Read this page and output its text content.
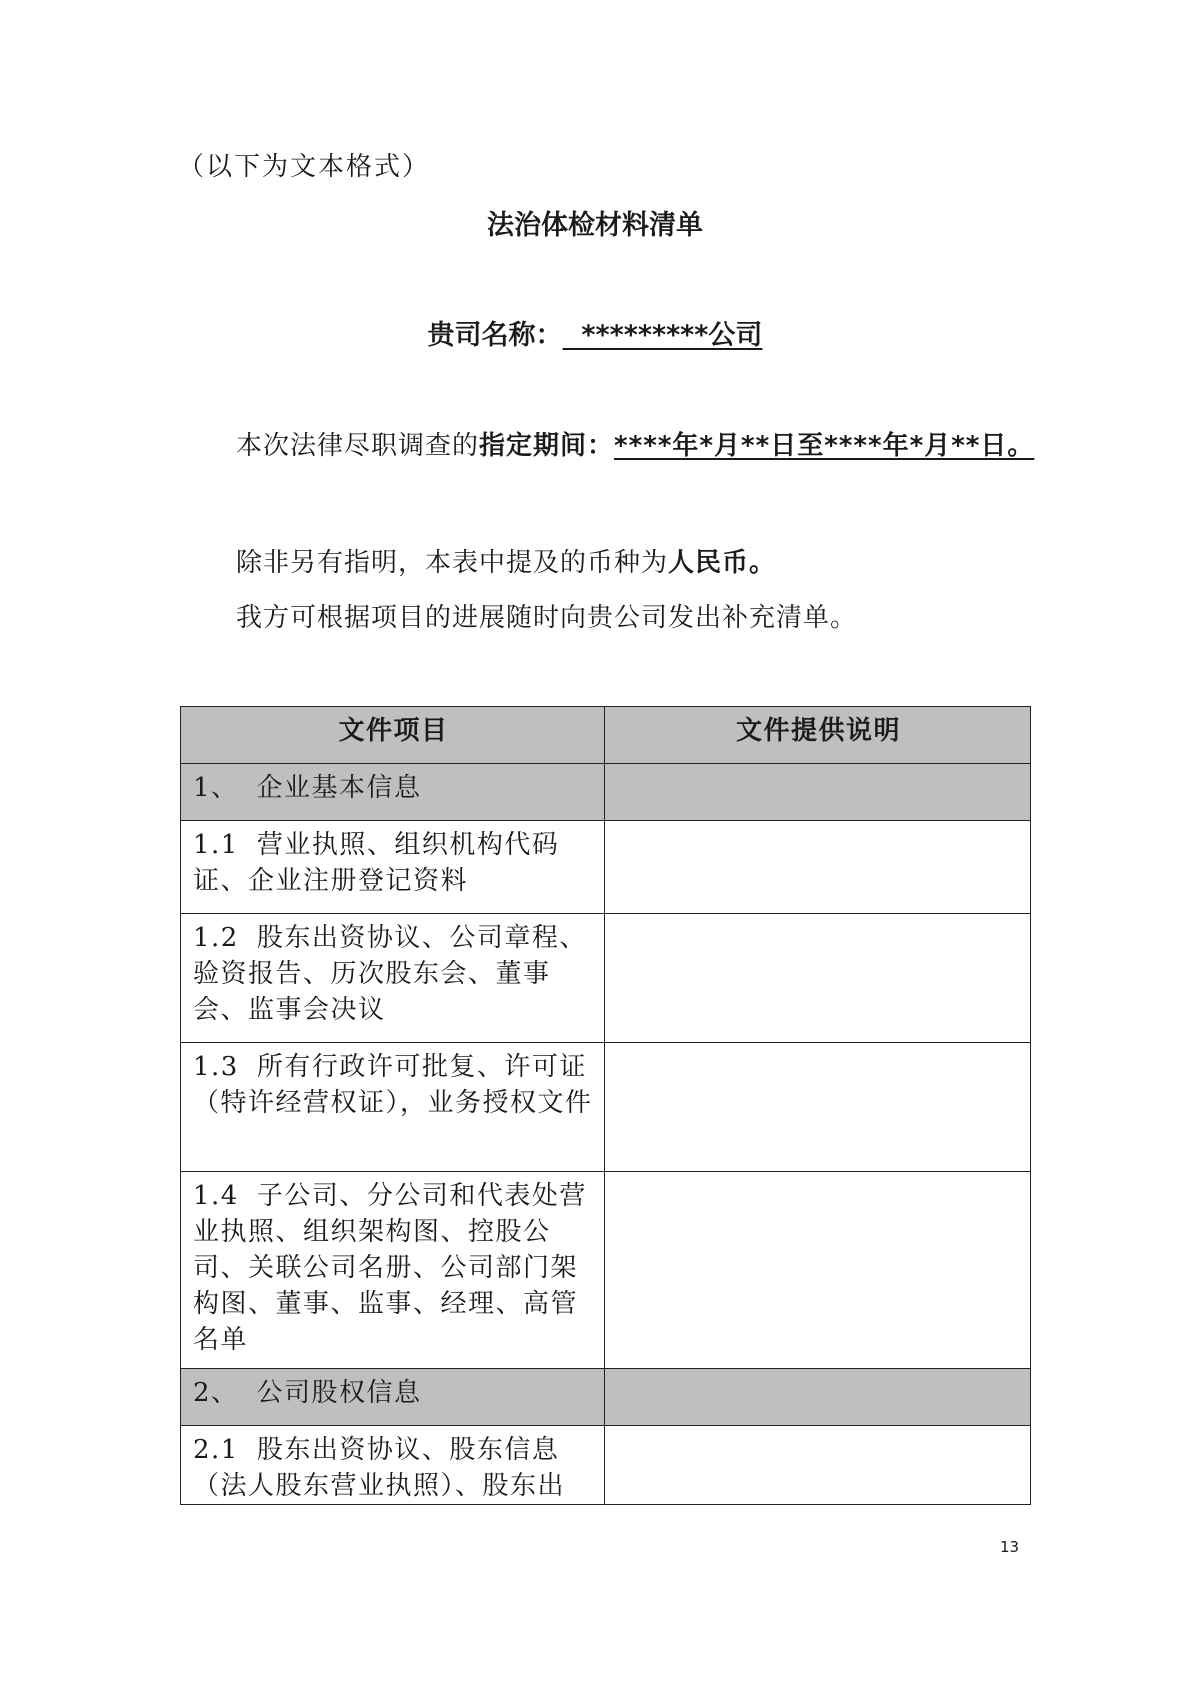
（以下为文本格式）
法治体检材料清单
贵司名称：  *********公司
本次法律尽职调查的指定期间：****年*月**日至****年*月**日。
除非另有指明，本表中提及的币种为人民币。
我方可根据项目的进展随时向贵公司发出补充清单。
文件项目	文件提供说明
1、 企业基本信息	
1.1 营业执照、组织机构代码证、企业注册登记资料	
1.2 股东出资协议、公司章程、验资报告、历次股东会、董事会、监事会决议	
1.3 所有行政许可批复、许可证（特许经营权证），业务授权文件	
1.4 子公司、分公司和代表处营业执照、组织架构图、控股公司、关联公司名册、公司部门架构图、董事、监事、经理、高管名单	
2、 公司股权信息	
2.1 股东出资协议、股东信息（法人股东营业执照）、股东出	
13
